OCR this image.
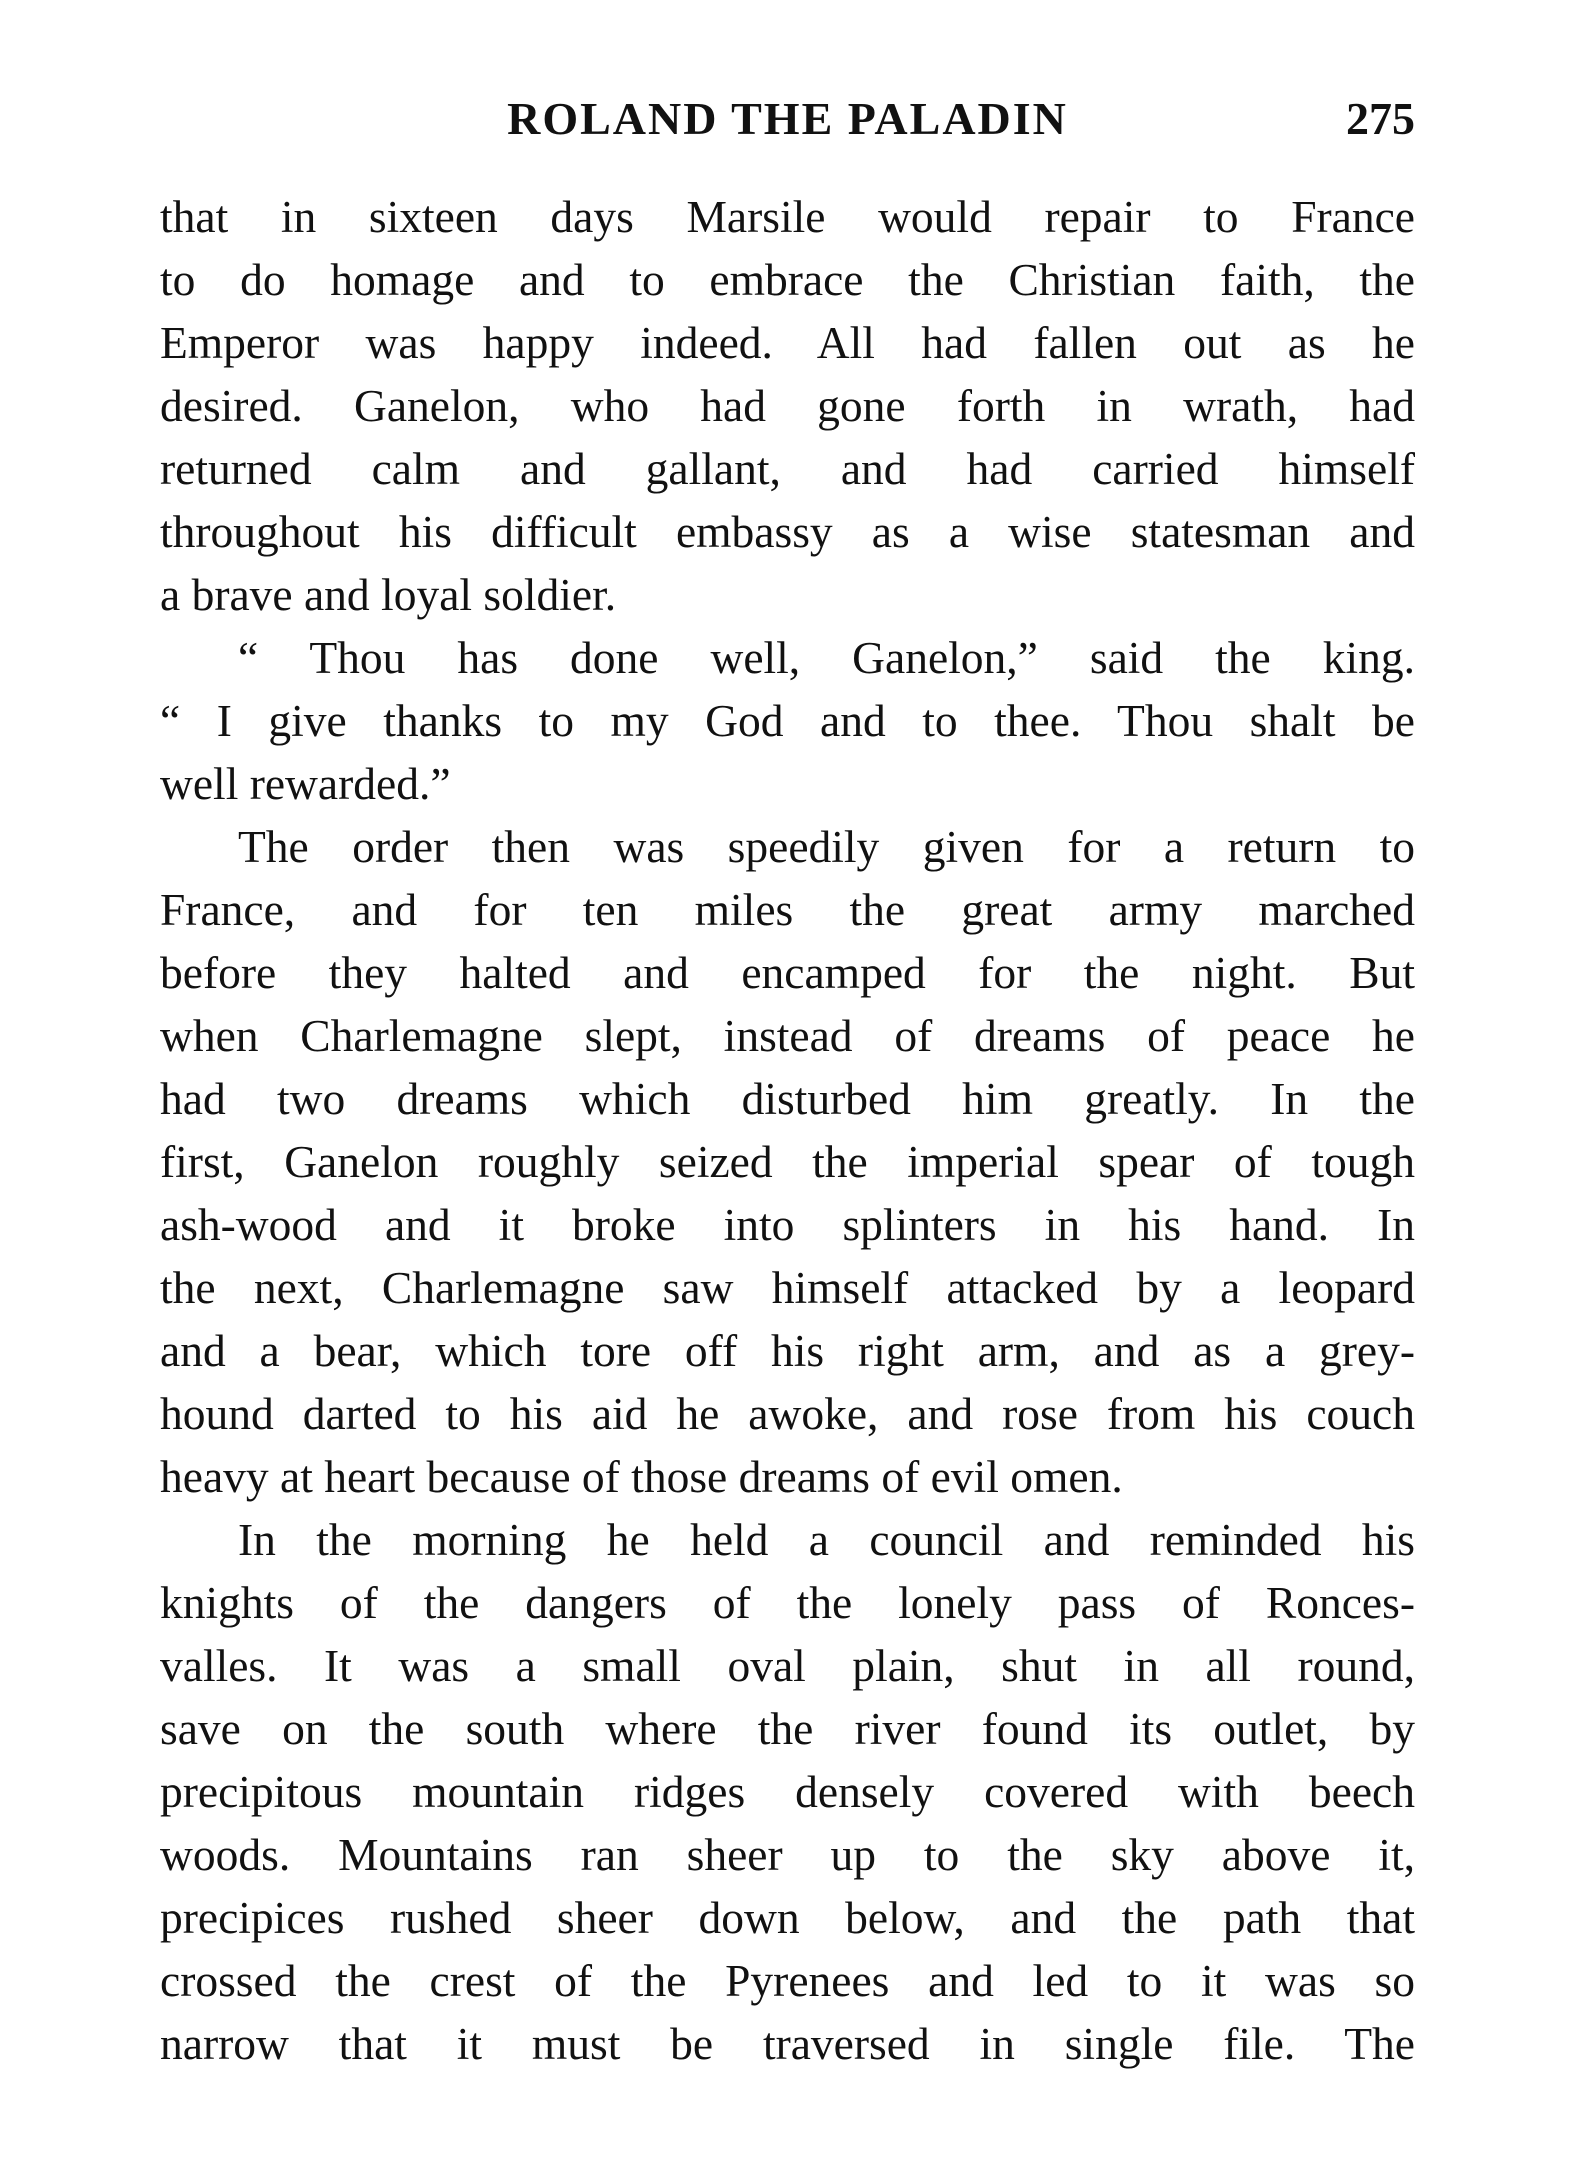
ROLAND THE PALADIN	275
that in sixteen days Marsile would repair to France
to do homage and to embrace the Christian faith, the
Emperor was happy indeed. All had fallen out as he
desired. Ganelon, who had gone forth in wrath, had
returned calm and gallant, and had carried himself
throughout his difficult embassy as a wise statesman and
a brave and loyal soldier.
“ Thou has done well, Ganelon,” said the king.
“ I give thanks to my God and to thee. Thou shalt be
well rewarded.”
The order then was speedily given for a return to
France, and for ten miles the great army marched
before they halted and encamped for the night. But
when Charlemagne slept, instead of dreams of peace he
had two dreams which disturbed him greatly. In the
first, Ganelon roughly seized the imperial spear of tough
ash-wood and it broke into splinters in his hand. In
the next, Charlemagne saw himself attacked by a leopard
and a bear, which tore off his right arm, and as a grey-
hound darted to his aid he awoke, and rose from his couch
heavy at heart because of those dreams of evil omen.
In the morning he held a council and reminded his
knights of the dangers of the lonely pass of Ronces-
valles. It was a small oval plain, shut in all round,
save on the south where the river found its outlet, by
precipitous mountain ridges densely covered with beech
woods. Mountains ran sheer up to the sky above it,
precipices rushed sheer down below, and the path that
crossed the crest of the Pyrenees and led to it was so
narrow that it must be traversed in single file. The
